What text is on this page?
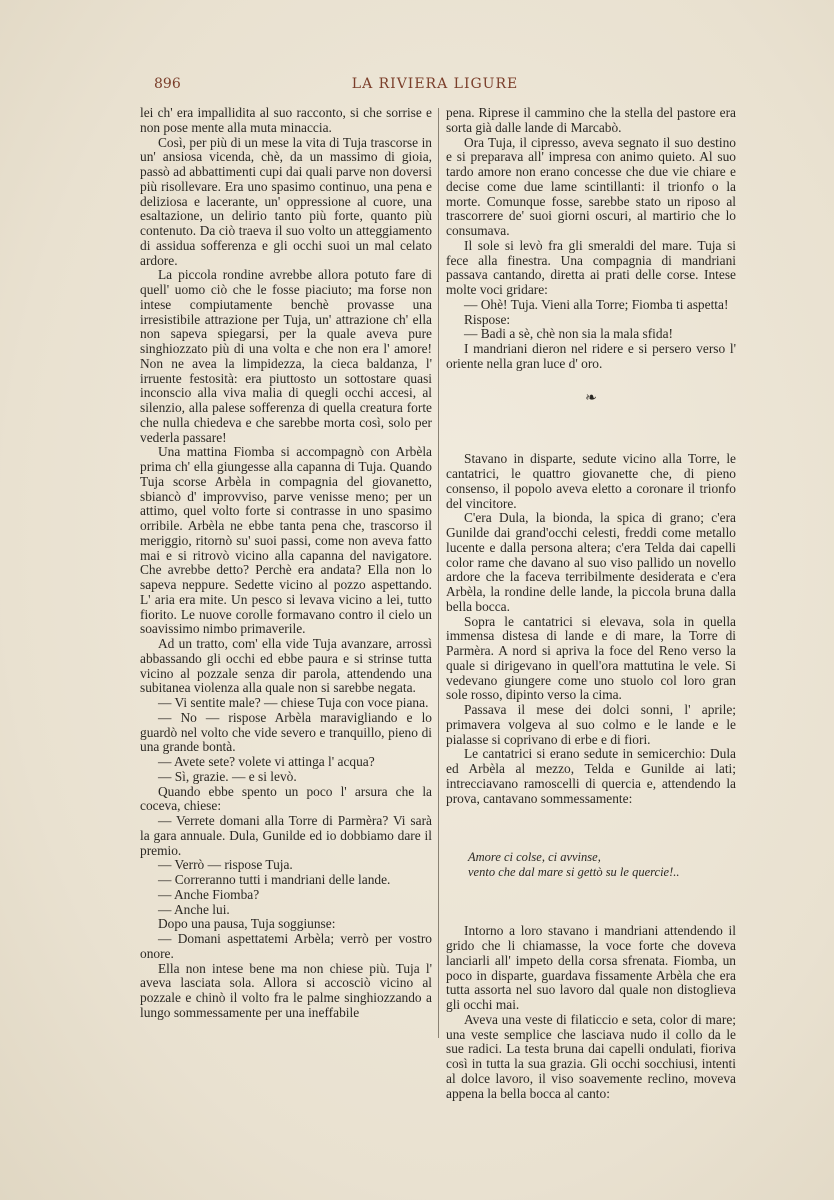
896	LA RIVIERA LIGURE

lei ch' era impallidita al suo racconto, si che sorrise e non pose mente alla muta minaccia.

Così, per più di un mese la vita di Tuja trascorse in un' ansiosa vicenda, chè, da un massimo di gioia, passò ad abbattimenti cupi dai quali parve non doversi più risollevare. Era uno spasimo continuo, una pena e deliziosa e lacerante, un' oppressione al cuore, una esaltazione, un delirio tanto più forte, quanto più contenuto. Da ciò traeva il suo volto un atteggiamento di assidua sofferenza e gli occhi suoi un mal celato ardore.

La piccola rondine avrebbe allora potuto fare di quell' uomo ciò che le fosse piaciuto; ma forse non intese compiutamente benchè provasse una irresistibile attrazione per Tuja, un' attrazione ch' ella non sapeva spiegarsi, per la quale aveva pure singhiozzato più di una volta e che non era l' amore! Non ne avea la limpidezza, la cieca baldanza, l' irruente festosità: era piuttosto un sottostare quasi inconscio alla viva malia di quegli occhi accesi, al silenzio, alla palese sofferenza di quella creatura forte che nulla chiedeva e che sarebbe morta così, solo per vederla passare!

Una mattina Fiomba si accompagnò con Arbèla prima ch' ella giungesse alla capanna di Tuja. Quando Tuja scorse Arbèla in compagnia del giovanetto, sbiancò d' improvviso, parve venisse meno; per un attimo, quel volto forte si contrasse in uno spasimo orribile. Arbèla ne ebbe tanta pena che, trascorso il meriggio, ritornò su' suoi passi, come non aveva fatto mai e si ritrovò vicino alla capanna del navigatore. Che avrebbe detto? Perchè era andata? Ella non lo sapeva neppure. Sedette vicino al pozzo aspettando. L' aria era mite. Un pesco si levava vicino a lei, tutto fiorito. Le nuove corolle formavano contro il cielo un soavissimo nimbo primaverile.

Ad un tratto, com' ella vide Tuja avanzare, arrossì abbassando gli occhi ed ebbe paura e si strinse tutta vicino al pozzale senza dir parola, attendendo una subitanea violenza alla quale non si sarebbe negata.

— Vi sentite male? — chiese Tuja con voce piana.

— No — rispose Arbèla maravigliando e lo guardò nel volto che vide severo e tranquillo, pieno di una grande bontà.

— Avete sete? volete vi attinga l' acqua?

— Sì, grazie. — e si levò.

Quando ebbe spento un poco l' arsura che la coceva, chiese:

— Verrete domani alla Torre di Parmèra? Vi sarà la gara annuale. Dula, Gunilde ed io dobbiamo dare il premio.

— Verrò — rispose Tuja.

— Correranno tutti i mandriani delle lande.

— Anche Fiomba?

— Anche lui.

Dopo una pausa, Tuja soggiunse:

— Domani aspettatemi Arbèla; verrò per vostro onore.

Ella non intese bene ma non chiese più. Tuja l' aveva lasciata sola. Allora si accosciò vicino al pozzale e chinò il volto fra le palme singhiozzando a lungo sommessamente per una ineffabile

pena. Riprese il cammino che la stella del pastore era sorta già dalle lande di Marcabò.

Ora Tuja, il cipresso, aveva segnato il suo destino e si preparava all' impresa con animo quieto. Al suo tardo amore non erano concesse che due vie chiare e decise come due lame scintillanti: il trionfo o la morte. Comunque fosse, sarebbe stato un riposo al trascorrere de' suoi giorni oscuri, al martirio che lo consumava.

Il sole si levò fra gli smeraldi del mare. Tuja si fece alla finestra. Una compagnia di mandriani passava cantando, diretta ai prati delle corse. Intese molte voci gridare:

— Ohè! Tuja. Vieni alla Torre; Fiomba ti aspetta!

Rispose:

— Badi a sè, chè non sia la mala sfida!

I mandriani dieron nel ridere e si persero verso l' oriente nella gran luce d' oro.

❧

Stavano in disparte, sedute vicino alla Torre, le cantatrici, le quattro giovanette che, di pieno consenso, il popolo aveva eletto a coronare il trionfo del vincitore.

C'era Dula, la bionda, la spica di grano; c'era Gunilde dai grand'occhi celesti, freddi come metallo lucente e dalla persona altera; c'era Telda dai capelli color rame che davano al suo viso pallido un novello ardore che la faceva terribilmente desiderata e c'era Arbèla, la rondine delle lande, la piccola bruna dalla bella bocca.

Sopra le cantatrici si elevava, sola in quella immensa distesa di lande e di mare, la Torre di Parmèra. A nord si apriva la foce del Reno verso la quale si dirigevano in quell'ora mattutina le vele. Si vedevano giungere come uno stuolo col loro gran sole rosso, dipinto verso la cima.

Passava il mese dei dolci sonni, l' aprile; primavera volgeva al suo colmo e le lande e le pialasse si coprivano di erbe e di fiori.

Le cantatrici si erano sedute in semicerchio: Dula ed Arbèla al mezzo, Telda e Gunilde ai lati; intrecciavano ramoscelli di quercia e, attendendo la prova, cantavano sommessamente:

Amore ci colse, ci avvinse,
vento che dal mare si gettò su le quercie!..

Intorno a loro stavano i mandriani attendendo il grido che li chiamasse, la voce forte che doveva lanciarli all' impeto della corsa sfrenata. Fiomba, un poco in disparte, guardava fissamente Arbèla che era tutta assorta nel suo lavoro dal quale non distoglieva gli occhi mai.

Aveva una veste di filaticcio e seta, color di mare; una veste semplice che lasciava nudo il collo da le sue radici. La testa bruna dai capelli ondulati, fioriva così in tutta la sua grazia. Gli occhi socchiusi, intenti al dolce lavoro, il viso soavemente reclino, moveva appena la bella bocca al canto:
